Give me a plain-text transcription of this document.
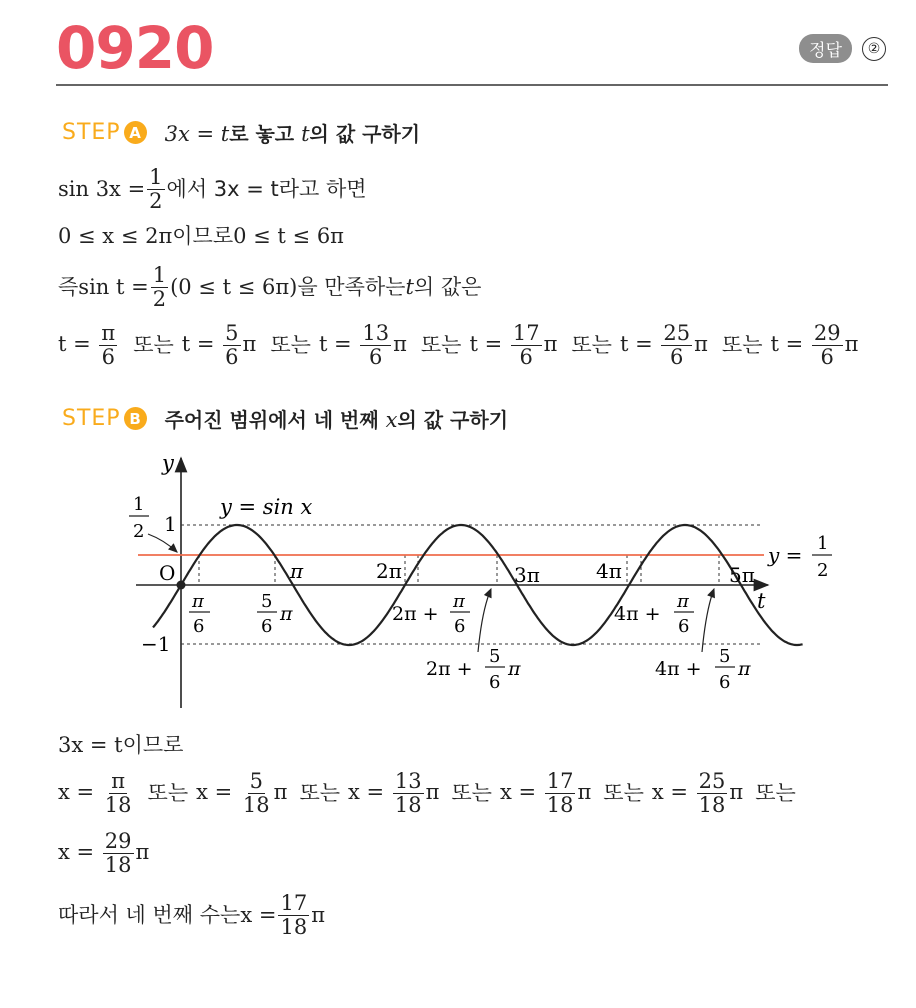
0920	정답	②
STEP A 3x = t로 놓고 t의 값 구하기
$\sin 3x = \frac{1}{2}$ 에서 3x = t라고 하면
0 ≤ x ≤ 2π 이므로 0 ≤ t ≤ 6π
즉 $\sin t = \frac{1}{2} (0 \le t \le 6\pi)$ 을 만족하는 t 의 값은
$t = \frac{\pi}{6}$ 또는 $t = \frac{5}{6}$ π 또는 $t = \frac{13}{6}$ π 또는 $t = \frac{17}{6}$ π 또는 $t = \frac{25}{6}$ π 또는 $t = \frac{29}{6}$ π
STEP B 주어진 범위에서 네 번째 x의 값 구하기
y
t
O
1
−1
1
2
y = sin x
y = 1
2
π	2π	3π	4π	5π
π
6
5
6
π	2π +
π
6
4π +
π
6
2π +
5
6
π	4π +
5
6
π
3x = t 이므로
$x = \frac{\pi}{18}$ 또는 $x = \frac{5}{18}$ π 또는 $x = \frac{13}{18}$ π 또는 $x = \frac{17}{18}$ π 또는 $x = \frac{25}{18}$ π 또는
$x = \frac{29}{18}$ π
따라서 네 번째 수는 $x = \frac{17}{18}$ π
